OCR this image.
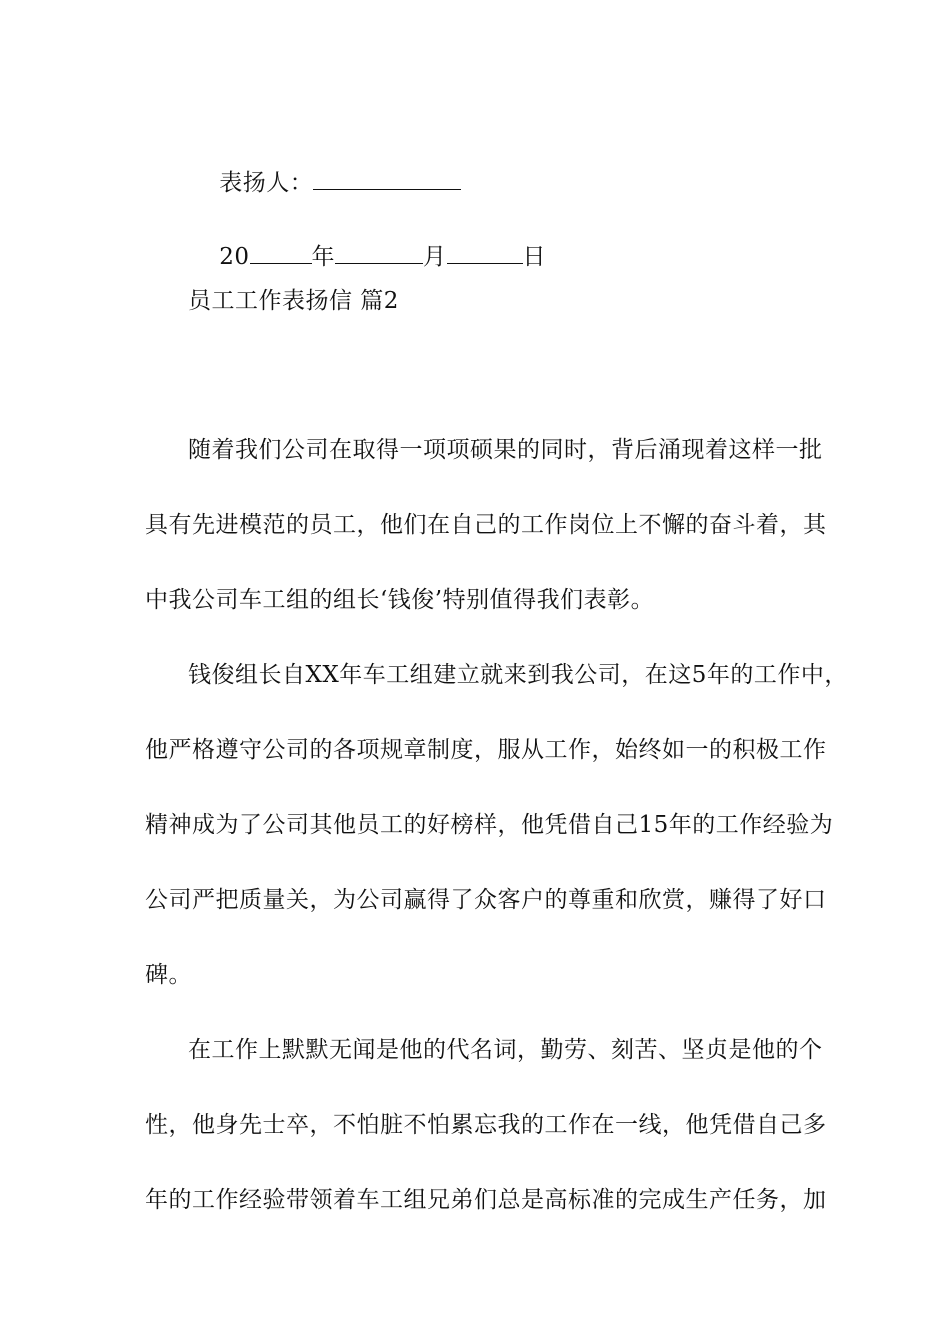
表扬人：

20	年	月	日

员工工作表扬信 篇2
随着我们公司在取得一项项硕果的同时，背后涌现着这样一批
具有先进模范的员工，他们在自己的工作岗位上不懈的奋斗着，其
中我公司车工组的组长‘钱俊’特别值得我们表彰。
钱俊组长自XX年车工组建立就来到我公司，在这5年的工作中，
他严格遵守公司的各项规章制度，服从工作，始终如一的积极工作
精神成为了公司其他员工的好榜样，他凭借自己15年的工作经验为
公司严把质量关，为公司赢得了众客户的尊重和欣赏，赚得了好口
碑。
在工作上默默无闻是他的代名词，勤劳、刻苦、坚贞是他的个
性，他身先士卒，不怕脏不怕累忘我的工作在一线，他凭借自己多
年的工作经验带领着车工组兄弟们总是高标准的完成生产任务，加
